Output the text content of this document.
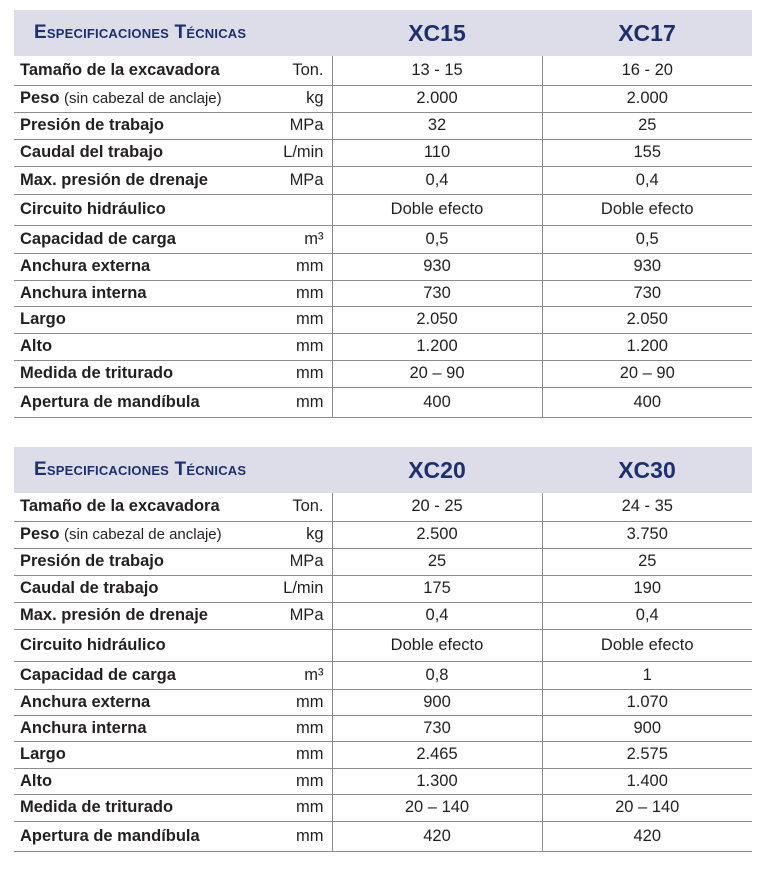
Especificaciones Técnicas	XC15	XC17

Tamaño de la excavadora Ton.	13 - 15	16 - 20

Peso (sin cabezal de anclaje) kg	2.000	2.000

Presión de trabajo MPa	32	25

Caudal del trabajo L/min	110	155

Max. presión de drenaje MPa	0,4	0,4

Circuito hidráulico	Doble efecto	Doble efecto

Capacidad de carga m³	0,5	0,5

Anchura externa mm	930	930

Anchura interna mm	730	730

Largo mm	2.050	2.050

Alto mm	1.200	1.200

Medida de triturado mm	20 – 90	20 – 90

Apertura de mandíbula mm	400	400
Especificaciones Técnicas	XC20	XC30

Tamaño de la excavadora Ton.	20 - 25	24 - 35

Peso (sin cabezal de anclaje) kg	2.500	3.750

Presión de trabajo MPa	25	25

Caudal de trabajo L/min	175	190

Max. presión de drenaje MPa	0,4	0,4

Circuito hidráulico	Doble efecto	Doble efecto

Capacidad de carga m³	0,8	1

Anchura externa mm	900	1.070

Anchura interna mm	730	900

Largo mm	2.465	2.575

Alto mm	1.300	1.400

Medida de triturado mm	20 – 140	20 – 140

Apertura de mandíbula mm	420	420
